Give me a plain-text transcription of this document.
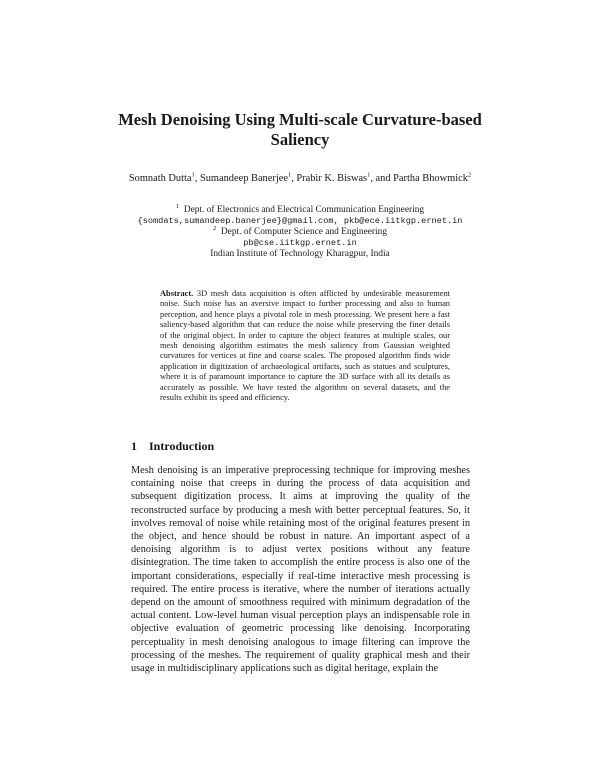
Mesh Denoising Using Multi-scale Curvature-based Saliency
Somnath Dutta$^1$, Sumandeep Banerjee$^1$, Prabir K. Biswas$^1$, and Partha Bhowmick$^2$
$^1$ Dept. of Electronics and Electrical Communication Engineering
{somdats,sumandeep.banerjee}@gmail.com, pkb@ece.iitkgp.ernet.in
$^2$ Dept. of Computer Science and Engineering
pb@cse.iitkgp.ernet.in
Indian Institute of Technology Kharagpur, India
Abstract. 3D mesh data acquisition is often afflicted by undesirable measurement noise. Such noise has an aversive impact to further processing and also to human perception, and hence plays a pivotal role in mesh processing. We present here a fast saliency-based algorithm that can reduce the noise while preserving the finer details of the original object. In order to capture the object features at multiple scales, our mesh denoising algorithm estimates the mesh saliency from Gaussian weighted curvatures for vertices at fine and coarse scales. The proposed algorithm finds wide application in digitization of archaeological artifacts, such as statues and sculptures, where it is of paramount importance to capture the 3D surface with all its details as accurately as possible. We have tested the algorithm on several datasets, and the results exhibit its speed and efficiency.
1 Introduction

Mesh denoising is an imperative preprocessing technique for improving meshes containing noise that creeps in during the process of data acquisition and subsequent digitization process. It aims at improving the quality of the reconstructed surface by producing a mesh with better perceptual features. So, it involves removal of noise while retaining most of the original features present in the object, and hence should be robust in nature. An important aspect of a denoising algorithm is to adjust vertex positions without any feature disintegration. The time taken to accomplish the entire process is also one of the important considerations, especially if real-time interactive mesh processing is required. The entire process is iterative, where the number of iterations actually depend on the amount of smoothness required with minimum degradation of the actual content. Low-level human visual perception plays an indispensable role in objective evaluation of geometric processing like denoising. Incorporating perceptuality in mesh denoising analogous to image filtering can improve the processing of the meshes. The requirement of quality graphical mesh and their usage in multidisciplinary applications such as digital heritage, explain the
